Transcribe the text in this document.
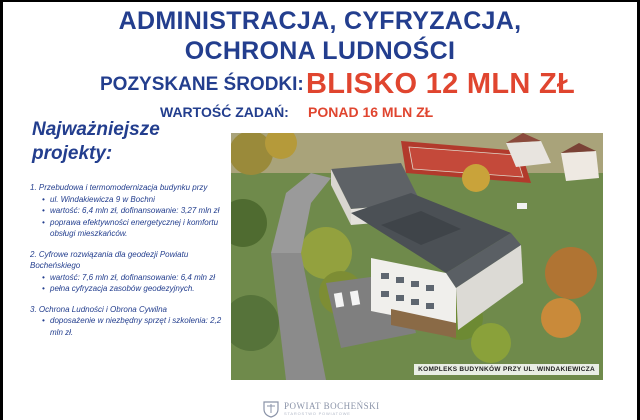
ADMINISTRACJA, CYFRYZACJA,
OCHRONA LUDNOŚCI
POZYSKANE ŚRODKI: BLISKO 12 MLN ZŁ
WARTOŚĆ ZADAŃ: PONAD 16 MLN ZŁ
Najważniejsze
projekty:
1. Przebudowa i termomodernizacja budynku przy
• ul. Windakiewicza 9 w Bochni
• wartość: 6,4 mln zł, dofinansowanie: 3,27 mln zł
• poprawa efektywności energetycznej i komfortu obsługi mieszkańców.
2. Cyfrowe rozwiązania dla geodezji Powiatu Bocheńskiego
• wartość: 7,6 mln zł, dofinansowanie: 6,4 mln zł
• pełna cyfryzacja zasobów geodezyjnych.
3. Ochrona Ludności i Obrona Cywilna
• doposażenie w niezbędny sprzęt i szkolenia: 2,2 mln zł.
KOMPLEKS BUDYNKÓW PRZY UL. WINDAKIEWICZA
POWIAT BOCHEŃSKI
STAROSTWO POWIATOWE
